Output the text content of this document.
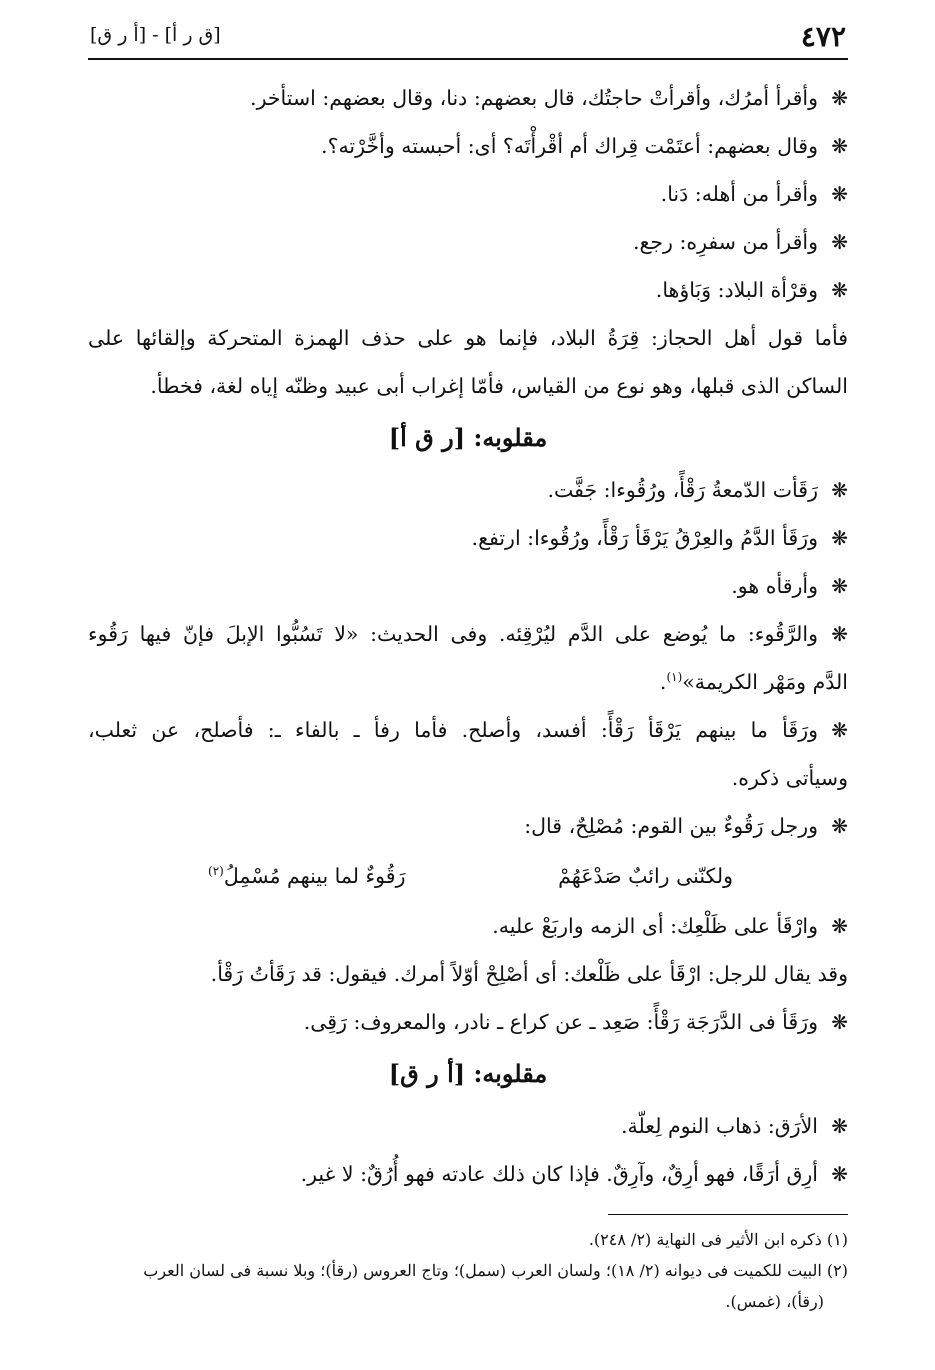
٤٧٢
[ق ر أ] - [أ ر ق]
❋
وأقرأ أمرُك، وأقرأتْ حاجتُك، قال بعضهم: دنا، وقال بعضهم: استأخر.
❋
وقال بعضهم: أعتَمْت قِراك أم أقْرأْتَه؟ أى: أحبسته وأخَّرْته؟.
❋
وأقرأ من أهله: دَنا.
❋
وأقرأ من سفرِه: رجع.
❋
وقرْأة البلاد: وَبَاؤها.
فأما قول أهل الحجاز: قِرَةُ البلاد، فإنما هو على حذف الهمزة المتحركة وإلقائها على
الساكن الذى قبلها، وهو نوع من القياس، فأمّا إغراب أبى عبيد وظنّه إياه لغة، فخطأ.
مقلوبه: [ر ق أ]
❋
رَقَأت الدّمعةُ رَقْأً، ورُقُوءا: جَفَّت.
❋
ورَقَأ الدَّمُ والعِرْقُ يَرْقَأ رَقْأً، ورُقُوءا: ارتفع.
❋
وأرقأه هو.
❋
والرَّقُوء: ما يُوضع على الدَّم ليُرْقِئه. وفى الحديث: «لا تَسُبُّوا الإبلَ فإنّ فيها رَقُوء
الدَّم ومَهْر الكريمة»$^{(١)}$.
❋
ورَقَأ ما بينهم يَرْقَأ رَقْأً: أفسد، وأصلح. فأما رفأ ـ بالفاء ـ: فأصلح، عن ثعلب،
وسيأتى ذكره.
❋
ورجل رَقُوءٌ بين القوم: مُصْلِحٌ، قال:
ولكنّنى رائبٌ صَدْعَهُمْ
رَقُوءٌ لما بينهم مُسْمِلُ$^{(٢)}$
❋
وارْقَأ على ظَلْعِك: أى الزمه واربَعْ عليه.
وقد يقال للرجل: ارْقَأ على ظَلْعك: أى أصْلِحْ أوّلاً أمرك. فيقول: قد رَقَأتُ رَقْأ.
❋
ورَقَأ فى الدَّرَجَة رَقْأً: صَعِد ـ عن كراع ـ نادر، والمعروف: رَقِى.
مقلوبه: [أ ر ق]
❋
الأرَق: ذهاب النوم لِعلّة.
❋
أرِق أرَقًا، فهو أرِقٌ، وآرِقٌ. فإذا كان ذلك عادته فهو أُرُقٌ: لا غير.
(١) ذكره ابن الأثير فى النهاية (٢/ ٢٤٨).
(٢) البيت للكميت فى ديوانه (٢/ ١٨)؛ ولسان العرب (سمل)؛ وتاج العروس (رقأ)؛ وبلا نسبة فى لسان العرب
(رقأ)، (غمس).
